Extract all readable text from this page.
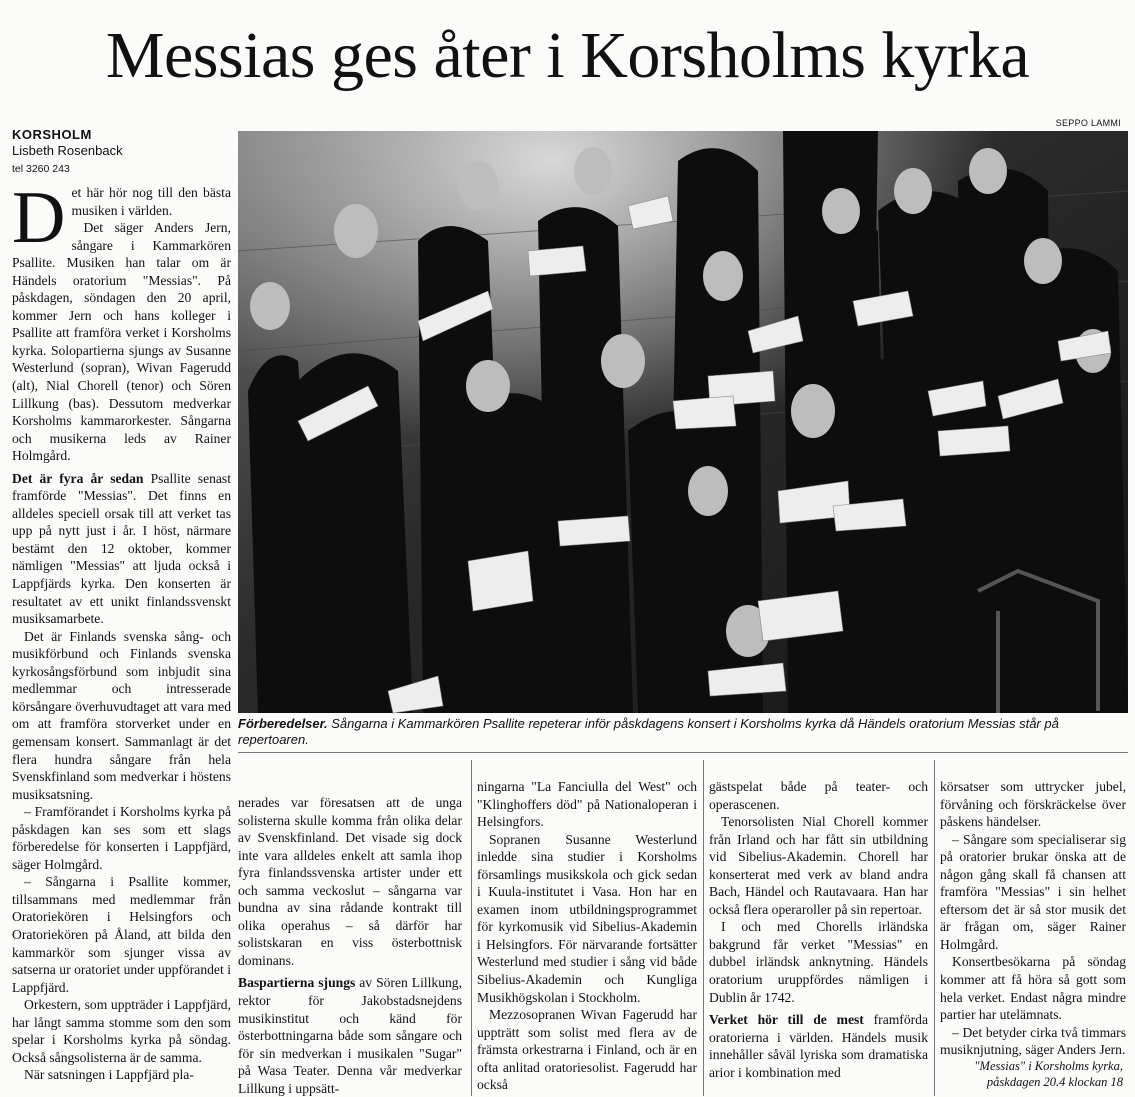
Messias ges åter i Korsholms kyrka
KORSHOLM
Lisbeth Rosenback
tel 3260 243
SEPPO LAMMI
D et här hör nog till den bästa musiken i världen.

Det säger Anders Jern, sångare i Kammarkören Psallite. Musiken han talar om är Händels oratorium "Messias". På påskdagen, söndagen den 20 april, kommer Jern och hans kolleger i Psallite att framföra verket i Korsholms kyrka. Solopartierna sjungs av Susanne Westerlund (sopran), Wivan Fagerudd (alt), Nial Chorell (tenor) och Sören Lillkung (bas). Dessutom medverkar Korsholms kammarorkester. Sångarna och musikerna leds av Rainer Holmgård.

Det är fyra år sedan Psallite senast framförde "Messias". Det finns en alldeles speciell orsak till att verket tas upp på nytt just i år. I höst, närmare bestämt den 12 oktober, kommer nämligen "Messias" att ljuda också i Lappfjärds kyrka. Den konserten är resultatet av ett unikt finlandssvenskt musiksamarbete.

Det är Finlands svenska sång- och musikförbund och Finlands svenska kyrkosångsförbund som inbjudit sina medlemmar och intresserade körsångare överhuvudtaget att vara med om att framföra storverket under en gemensam konsert. Sammanlagt är det flera hundra sångare från hela Svenskfinland som medverkar i höstens musiksatsning.

– Framförandet i Korsholms kyrka på påskdagen kan ses som ett slags förberedelse för konserten i Lappfjärd, säger Holmgård.

– Sångarna i Psallite kommer, tillsammans med medlemmar från Oratoriekören i Helsingfors och Oratoriekören på Åland, att bilda den kammarkör som sjunger vissa av satserna ur oratoriet under uppförandet i Lappfjärd.

Orkestern, som uppträder i Lappfjärd, har långt samma stomme som den som spelar i Korsholms kyrka på söndag. Också sångsolisterna är de samma.

När satsningen i Lappfjärd pla-

Förberedelser. Sångarna i Kammarkören Psallite repeterar inför påskdagens konsert i Korsholms kyrka då Händels oratorium Messias står på repertoaren.

nerades var föresatsen att de unga solisterna skulle komma från olika delar av Svenskfinland. Det visade sig dock inte vara alldeles enkelt att samla ihop fyra finlandssvenska artister under ett och samma veckoslut – sångarna var bundna av sina rådande kontrakt till olika operahus – så därför har solistskaran en viss österbottnisk dominans.

Baspartierna sjungs av Sören Lillkung, rektor för Jakobstadsnejdens musikinstitut och känd för österbottningarna både som sångare och för sin medverkan i musikalen "Sugar" på Wasa Teater. Denna vår medverkar Lillkung i uppsätt-

ningarna "La Fanciulla del West" och "Klinghoffers död" på Nationaloperan i Helsingfors.

Sopranen Susanne Westerlund inledde sina studier i Korsholms församlings musikskola och gick sedan i Kuula-institutet i Vasa. Hon har en examen inom utbildningsprogrammet för kyrkomusik vid Sibelius-Akademin i Helsingfors. För närvarande fortsätter Westerlund med studier i sång vid både Sibelius-Akademin och Kungliga Musikhögskolan i Stockholm.

Mezzosopranen Wivan Fagerudd har uppträtt som solist med flera av de främsta orkestrarna i Finland, och är en ofta anlitad oratoriesolist. Fagerudd har också

gästspelat både på teater- och operascenen.

Tenorsolisten Nial Chorell kommer från Irland och har fått sin utbildning vid Sibelius-Akademin. Chorell har konserterat med verk av bland andra Bach, Händel och Rautavaara. Han har också flera operaroller på sin repertoar.

I och med Chorells irländska bakgrund får verket "Messias" en dubbel irländsk anknytning. Händels oratorium uruppfördes nämligen i Dublin år 1742.

Verket hör till de mest framförda oratorierna i världen. Händels musik innehåller såväl lyriska som dramatiska arior i kombination med

körsatser som uttrycker jubel, förvåning och förskräckelse över påskens händelser.

– Sångare som specialiserar sig på oratorier brukar önska att de någon gång skall få chansen att framföra "Messias" i sin helhet eftersom det är så stor musik det är frågan om, säger Rainer Holmgård.

Konsertbesökarna på söndag kommer att få höra så gott som hela verket. Endast några mindre partier har utelämnats.

– Det betyder cirka två timmars musiknjutning, säger Anders Jern.

"Messias" i Korsholms kyrka,
påskdagen 20.4 klockan 18
